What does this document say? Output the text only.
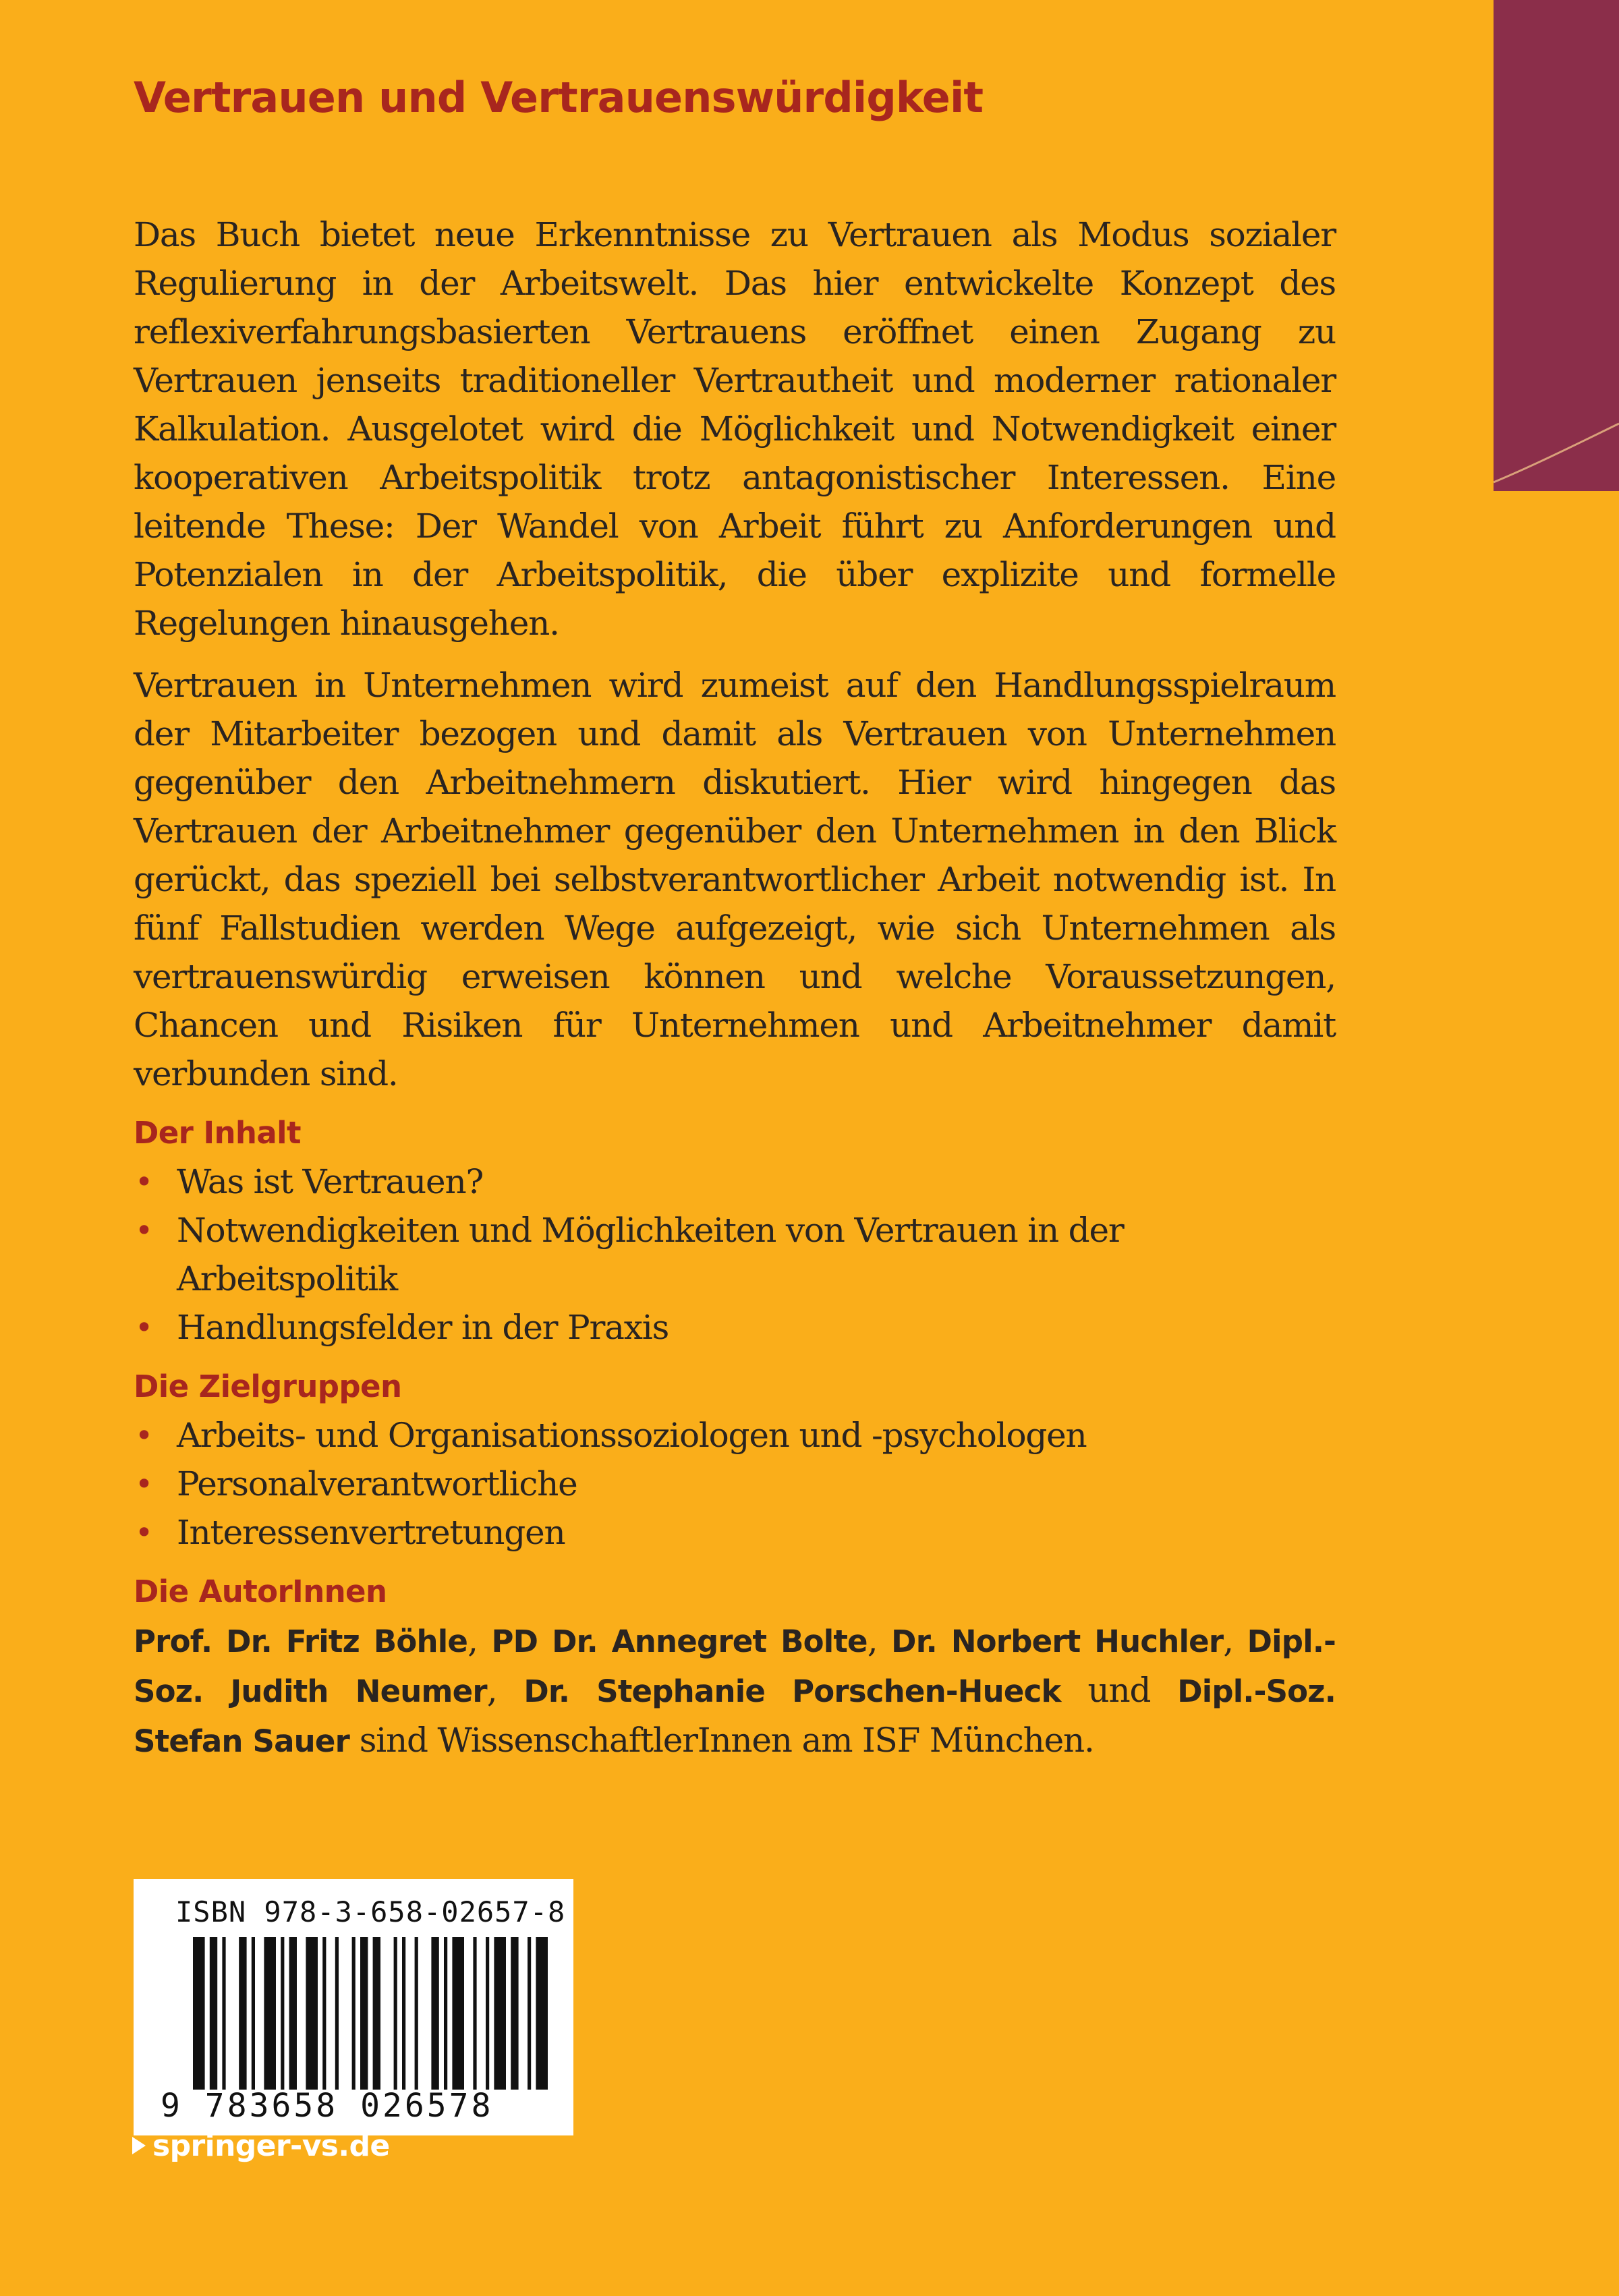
Vertrauen und Vertrauenswürdigkeit

Das Buch bietet neue Erkenntnisse zu Vertrauen als Modus sozialer Regulierung in der Arbeitswelt. Das hier entwickelte Konzept des reflexiverfahrungsbasierten Vertrauens eröffnet einen Zugang zu Vertrauen jenseits traditioneller Vertrautheit und moderner rationaler Kalkulation. Ausgelotet wird die Möglichkeit und Notwendigkeit einer kooperativen Arbeitspolitik trotz antagonistischer Interessen. Eine leitende These: Der Wandel von Arbeit führt zu Anforderungen und Potenzialen in der Arbeitspolitik, die über explizite und formelle Regelungen hinausgehen.

Vertrauen in Unternehmen wird zumeist auf den Handlungsspielraum der Mitarbeiter bezogen und damit als Vertrauen von Unternehmen gegenüber den Arbeitnehmern diskutiert. Hier wird hingegen das Vertrauen der Arbeitnehmer gegenüber den Unternehmen in den Blick gerückt, das speziell bei selbstverantwortlicher Arbeit notwendig ist. In fünf Fallstudien werden Wege aufgezeigt, wie sich Unternehmen als vertrauenswürdig erweisen können und welche Voraussetzungen, Chancen und Risiken für Unternehmen und Arbeitnehmer damit verbunden sind.

Der Inhalt
• Was ist Vertrauen?
• Notwendigkeiten und Möglichkeiten von Vertrauen in der Arbeitspolitik
• Handlungsfelder in der Praxis
Die Zielgruppen
• Arbeits- und Organisationssoziologen und -psychologen
• Personalverantwortliche
• Interessenvertretungen
Die AutorInnen

Prof. Dr. Fritz Böhle, PD Dr. Annegret Bolte, Dr. Norbert Huchler, Dipl.-Soz. Judith Neumer, Dr. Stephanie Porschen-Hueck und Dipl.-Soz. Stefan Sauer sind WissenschaftlerInnen am ISF München.

ISBN 978-3-658-02657-8
9 783658 026578
springer-vs.de
